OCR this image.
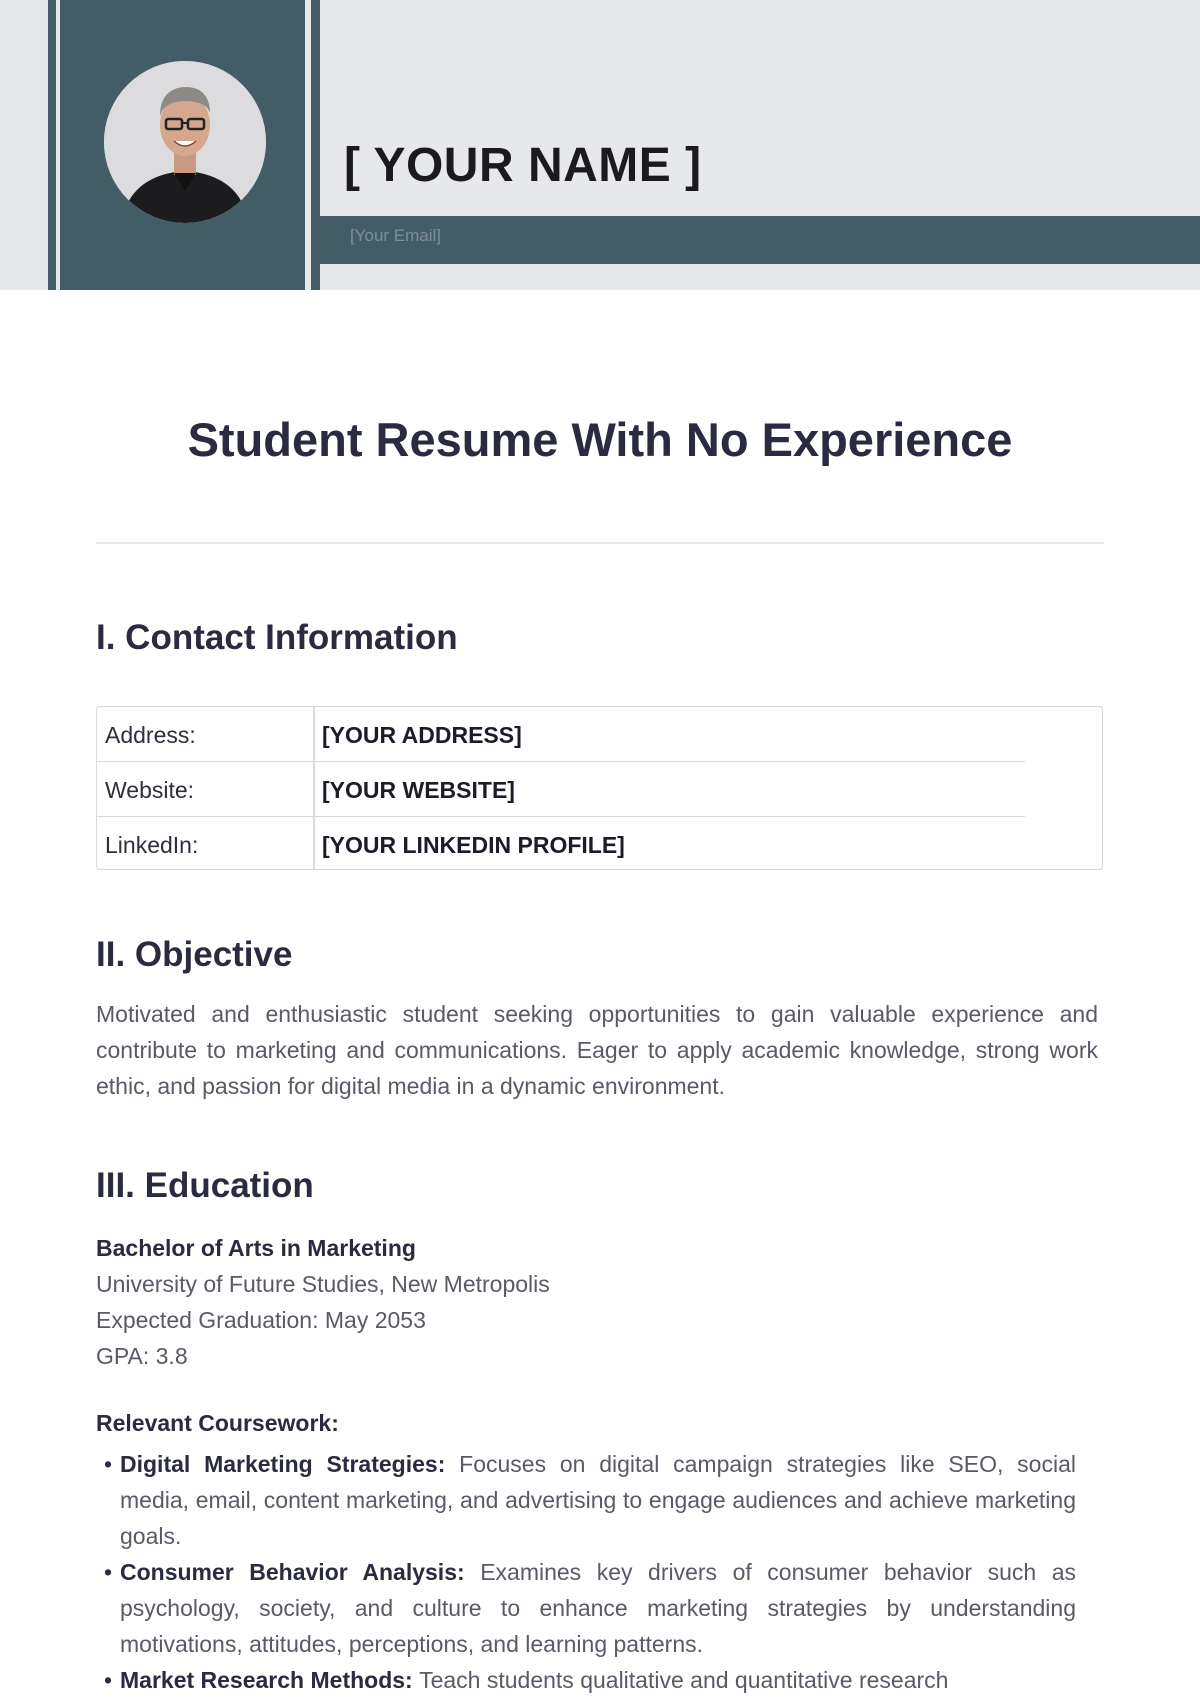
[ YOUR NAME ]
[Your Email]
Student Resume With No Experience
I. Contact Information
Address:	[YOUR ADDRESS]
Website:	[YOUR WEBSITE]
LinkedIn:	[YOUR LINKEDIN PROFILE]
II. Objective
Motivated and enthusiastic student seeking opportunities to gain valuable experience and contribute to marketing and communications. Eager to apply academic knowledge, strong work ethic, and passion for digital media in a dynamic environment.
III. Education
Bachelor of Arts in Marketing
University of Future Studies, New Metropolis
Expected Graduation: May 2053
GPA: 3.8
Relevant Coursework:
• Digital Marketing Strategies: Focuses on digital campaign strategies like SEO, social media, email, content marketing, and advertising to engage audiences and achieve marketing goals.
• Consumer Behavior Analysis: Examines key drivers of consumer behavior such as psychology, society, and culture to enhance marketing strategies by understanding motivations, attitudes, perceptions, and learning patterns.
• Market Research Methods: Teach students qualitative and quantitative research
